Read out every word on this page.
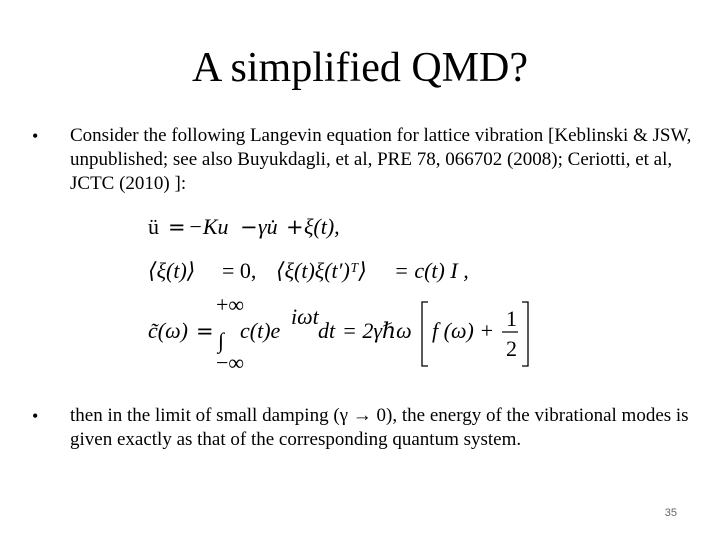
A simplified QMD?
•	Consider the following Langevin equation for lattice vibration [Keblinski & JSW, unpublished; see also Buyukdagli, et al, PRE 78, 066702 (2008); Ceriotti, et al, JCTC (2010) ]:
ü = −Ku − γu̇ + ξ(t),
⟨ξ(t)⟩ = 0, ⟨ξ(t)ξ(t′)ᵀ⟩ = c(t) I ,
c̃(ω) =
+∞
∫
−∞
c(t)e
iωt
dt = 2γℏω f (ω) + 1
2
•	then in the limit of small damping (γ → 0), the energy of the vibrational modes is given exactly as that of the corresponding quantum system.
35
